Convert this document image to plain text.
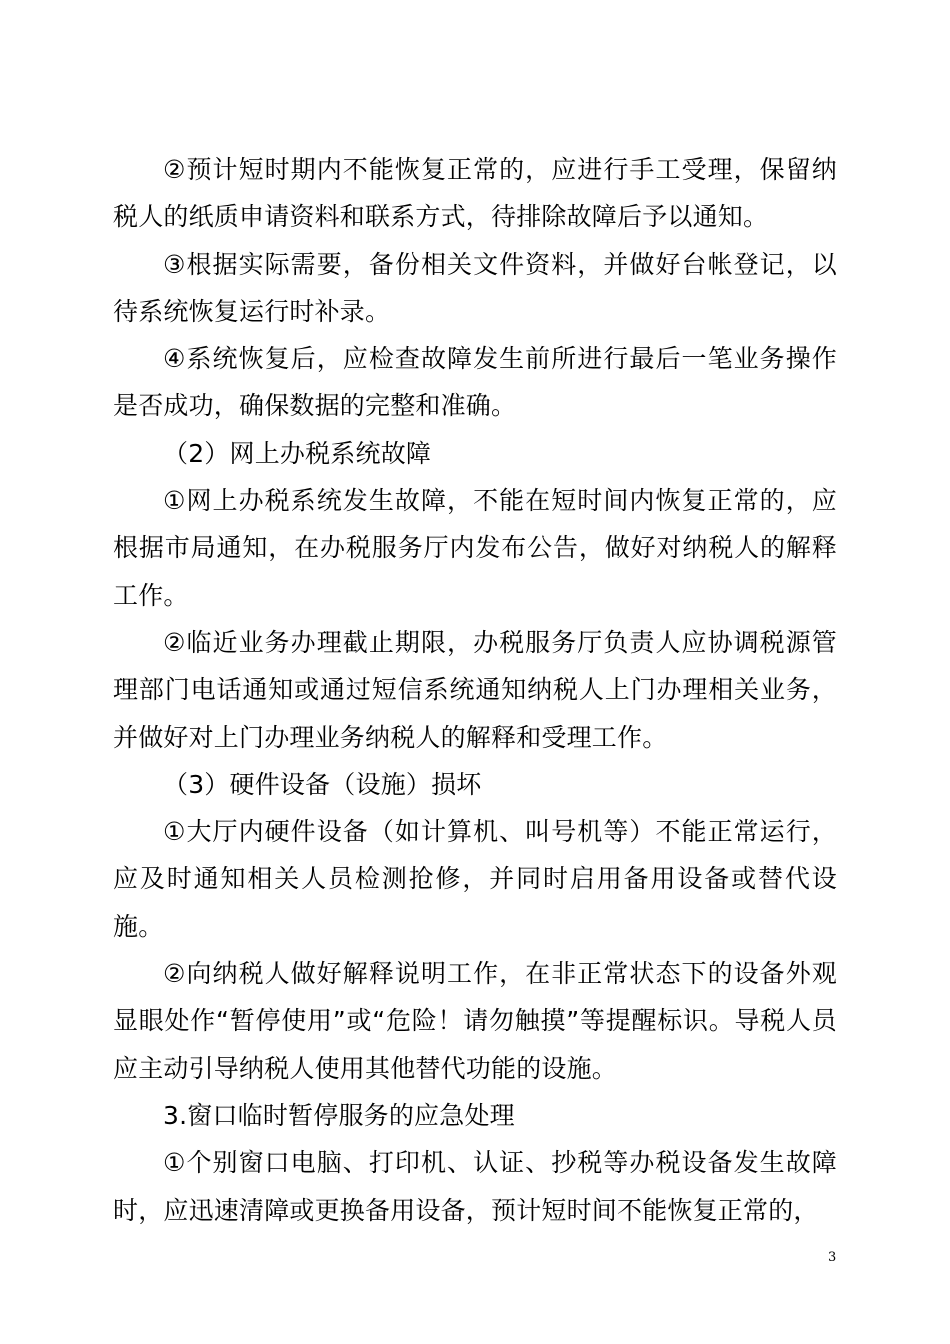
②预计短时期内不能恢复正常的，应进行手工受理，保留纳税人的纸质申请资料和联系方式，待排除故障后予以通知。

③根据实际需要，备份相关文件资料，并做好台帐登记，以待系统恢复运行时补录。

④系统恢复后，应检查故障发生前所进行最后一笔业务操作是否成功，确保数据的完整和准确。

（2）网上办税系统故障

①网上办税系统发生故障，不能在短时间内恢复正常的，应根据市局通知，在办税服务厅内发布公告，做好对纳税人的解释工作。

②临近业务办理截止期限，办税服务厅负责人应协调税源管理部门电话通知或通过短信系统通知纳税人上门办理相关业务，并做好对上门办理业务纳税人的解释和受理工作。

（3）硬件设备（设施）损坏

①大厅内硬件设备（如计算机、叫号机等）不能正常运行，应及时通知相关人员检测抢修，并同时启用备用设备或替代设施。

②向纳税人做好解释说明工作，在非正常状态下的设备外观显眼处作“暂停使用”或“危险！请勿触摸”等提醒标识。导税人员应主动引导纳税人使用其他替代功能的设施。

3.窗口临时暂停服务的应急处理

①个别窗口电脑、打印机、认证、抄税等办税设备发生故障时，应迅速清障或更换备用设备，预计短时间不能恢复正常的，

3
